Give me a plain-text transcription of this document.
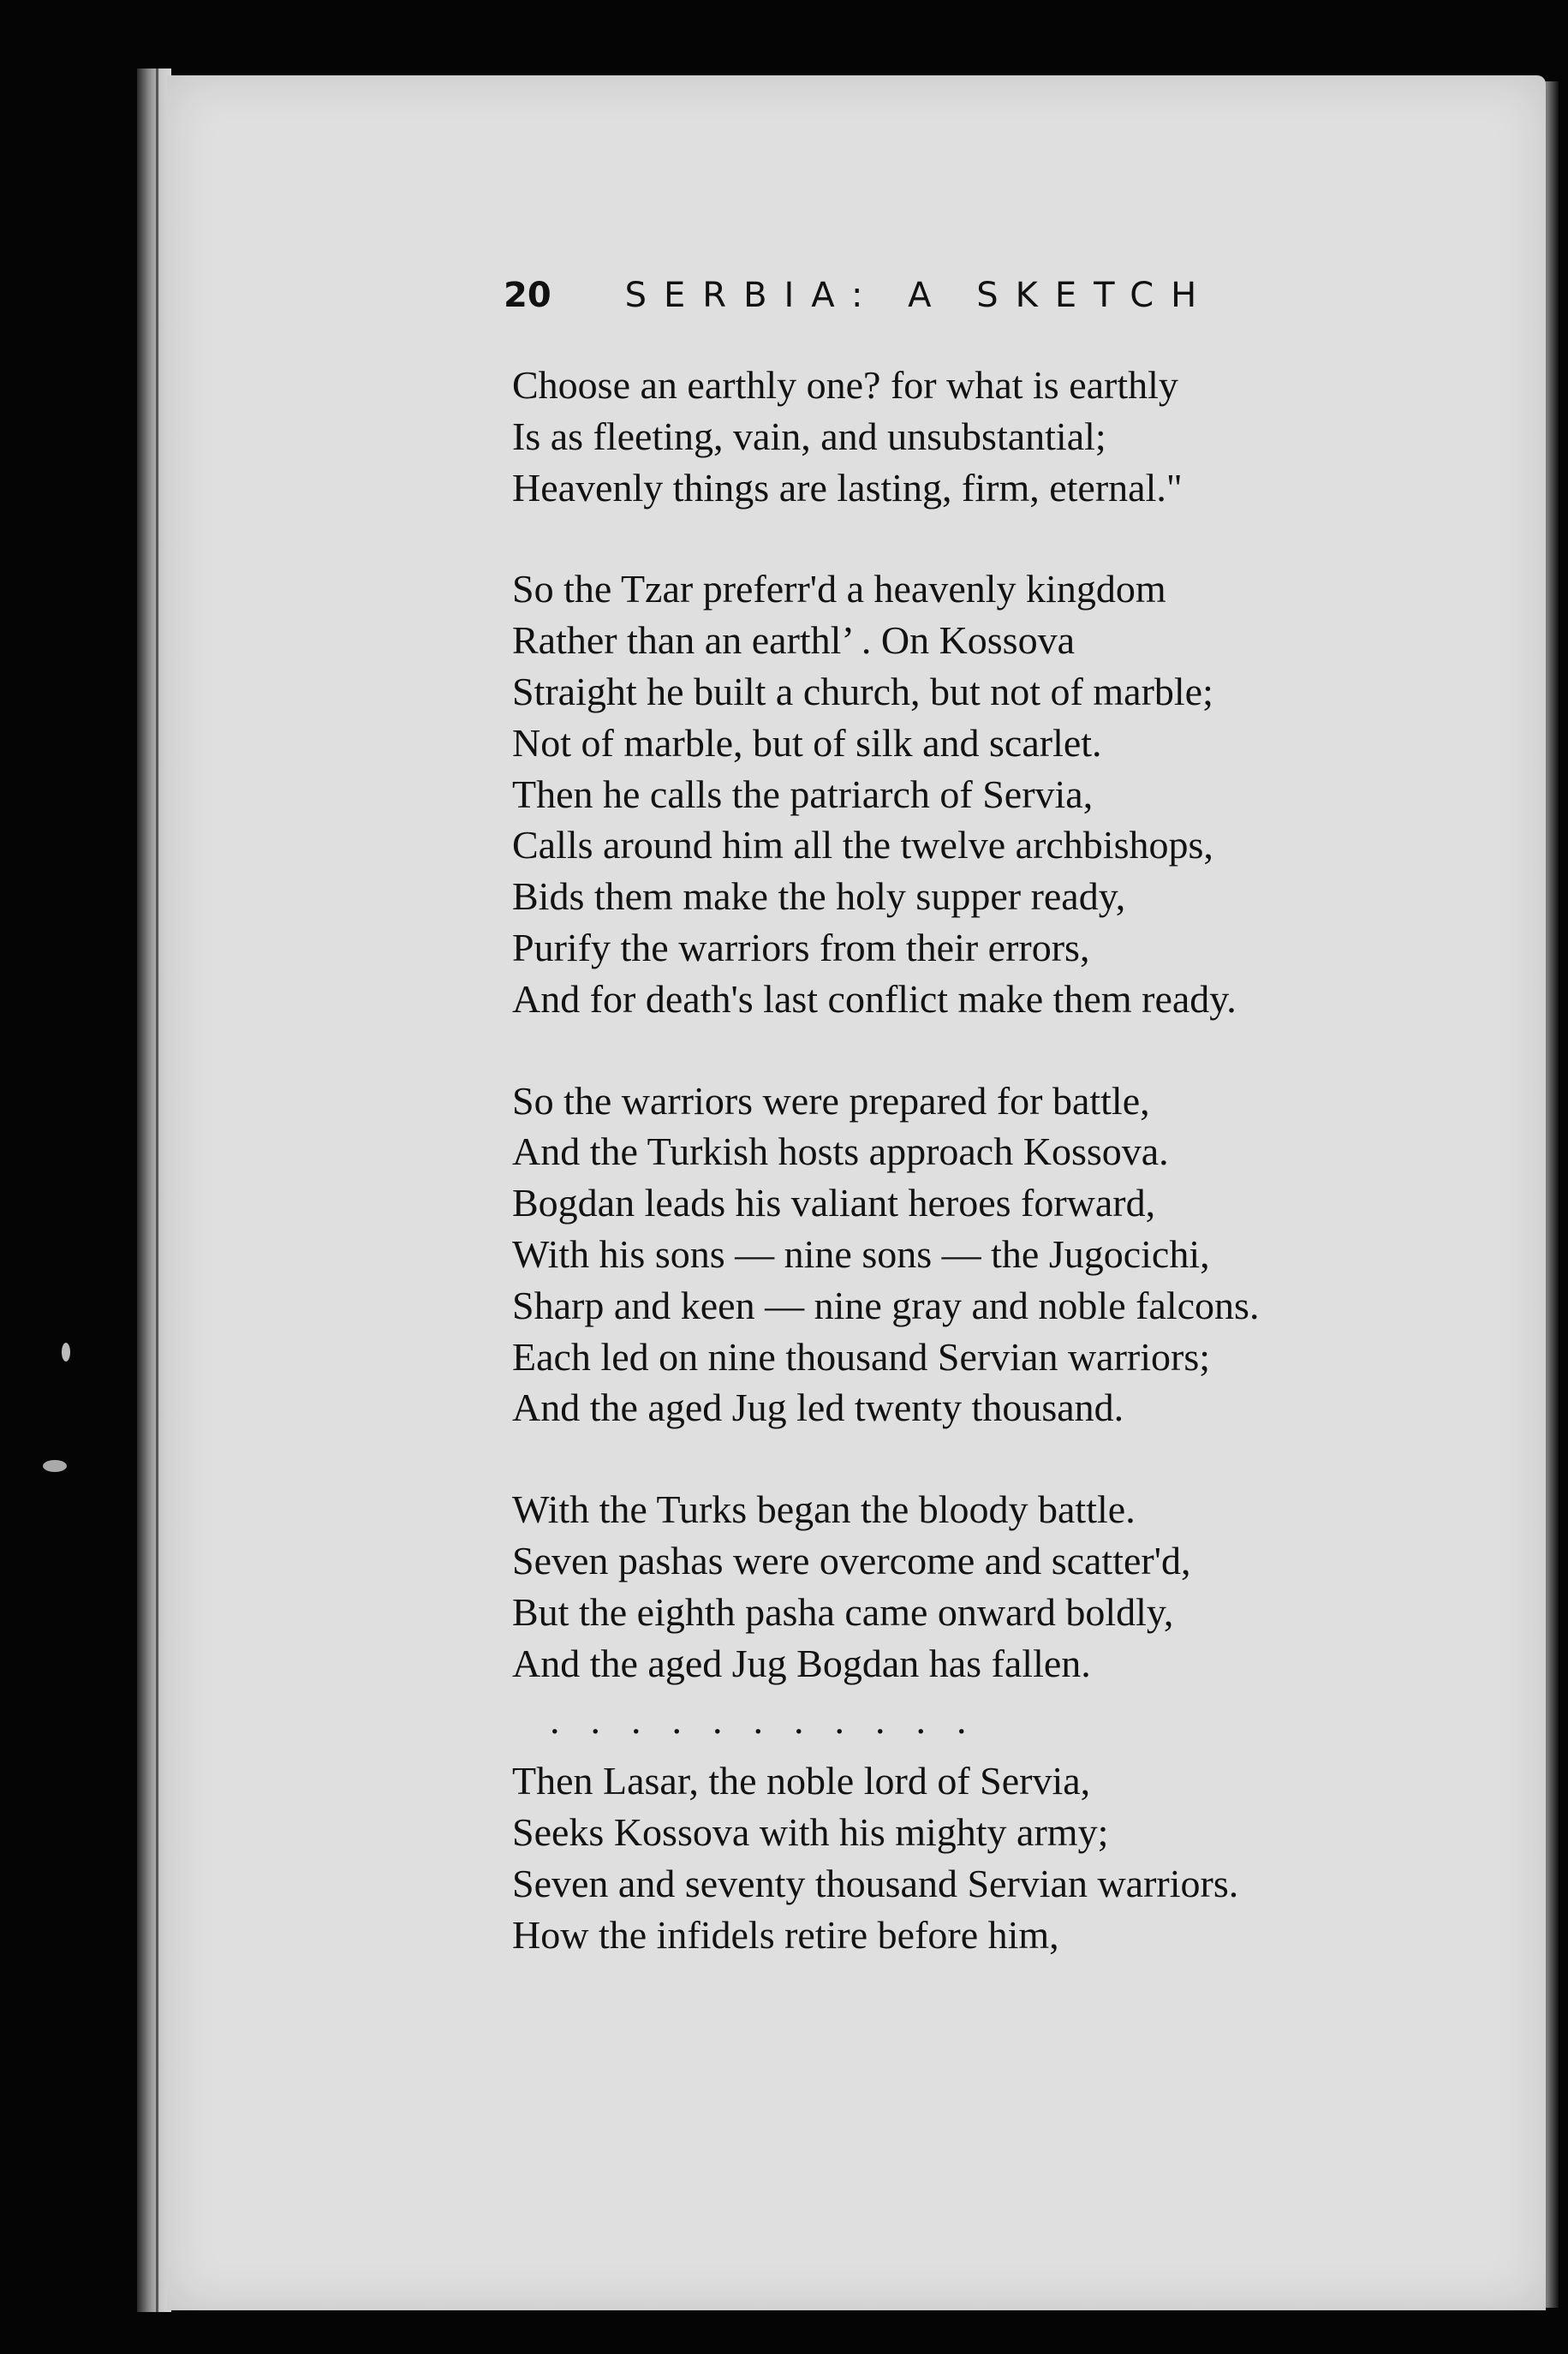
20 SERBIA: A SKETCH
Choose an earthly one? for what is earthly
Is as fleeting, vain, and unsubstantial;
Heavenly things are lasting, firm, eternal."
So the Tzar preferr'd a heavenly kingdom
Rather than an earthl’ . On Kossova
Straight he built a church, but not of marble;
Not of marble, but of silk and scarlet.
Then he calls the patriarch of Servia,
Calls around him all the twelve archbishops,
Bids them make the holy supper ready,
Purify the warriors from their errors,
And for death's last conflict make them ready.
So the warriors were prepared for battle,
And the Turkish hosts approach Kossova.
Bogdan leads his valiant heroes forward,
With his sons — nine sons — the Jugocichi,
Sharp and keen — nine gray and noble falcons.
Each led on nine thousand Servian warriors;
And the aged Jug led twenty thousand.
With the Turks began the bloody battle.
Seven pashas were overcome and scatter'd,
But the eighth pasha came onward boldly,
And the aged Jug Bogdan has fallen.
...........
Then Lasar, the noble lord of Servia,
Seeks Kossova with his mighty army;
Seven and seventy thousand Servian warriors.
How the infidels retire before him,
